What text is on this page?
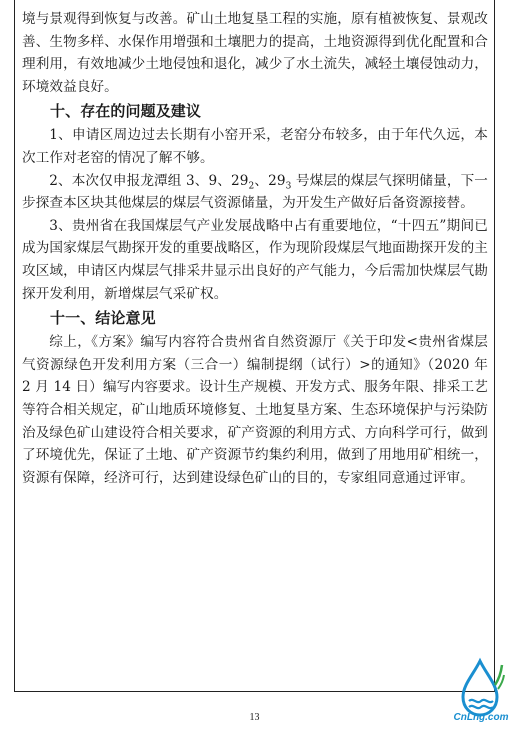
境与景观得到恢复与改善。矿山土地复垦工程的实施，原有植被恢复、景观改善、生物多样、水保作用增强和土壤肥力的提高，土地资源得到优化配置和合理利用，有效地减少土地侵蚀和退化，减少了水土流失，减轻土壤侵蚀动力，环境效益良好。

十、存在的问题及建议

1、申请区周边过去长期有小窑开采，老窑分布较多，由于年代久远，本次工作对老窑的情况了解不够。

2、本次仅申报龙潭组 3、9、$29_2$、$29_3$ 号煤层的煤层气探明储量，下一步探查本区块其他煤层的煤层气资源储量，为开发生产做好后备资源接替。

3、贵州省在我国煤层气产业发展战略中占有重要地位，“十四五”期间已成为国家煤层气勘探开发的重要战略区，作为现阶段煤层气地面勘探开发的主攻区域，申请区内煤层气排采井显示出良好的产气能力，今后需加快煤层气勘探开发利用，新增煤层气采矿权。

十一、结论意见

综上，《方案》编写内容符合贵州省自然资源厅《关于印发<贵州省煤层气资源绿色开发利用方案（三合一）编制提纲（试行）>的通知》（2020 年 2 月 14 日）编写内容要求。设计生产规模、开发方式、服务年限、排采工艺等符合相关规定，矿山地质环境修复、土地复垦方案、生态环境保护与污染防治及绿色矿山建设符合相关要求，矿产资源的利用方式、方向科学可行，做到了环境优先，保证了土地、矿产资源节约集约利用，做到了用地用矿相统一，资源有保障，经济可行，达到建设绿色矿山的目的，专家组同意通过评审。

13	CnLng.com
